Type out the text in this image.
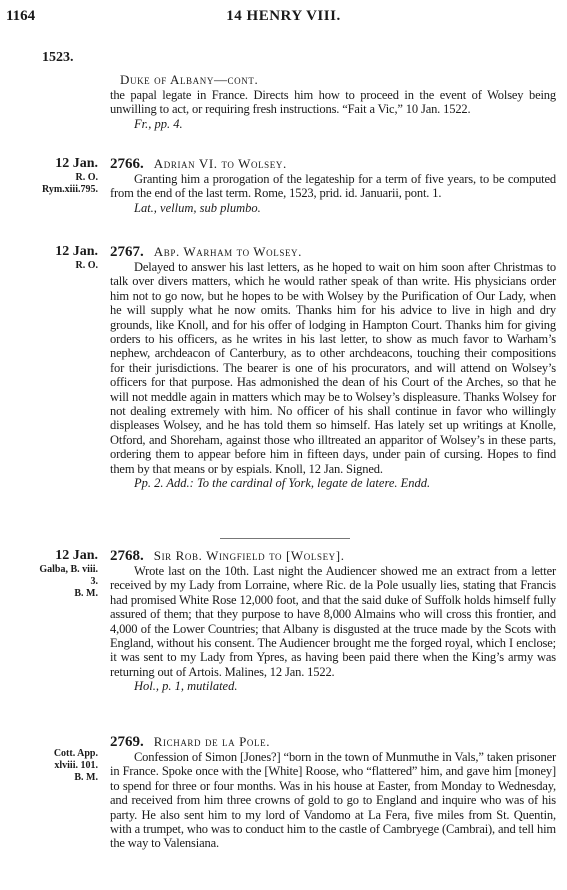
1164	14 HENRY VIII.
1523.

Duke of Albany—cont.

the papal legate in France. Directs him how to proceed in the event of Wolsey being unwilling to act, or requiring fresh instructions. “Fait a Vic,” 10 Jan. 1522.

Fr., pp. 4.

12 Jan.
R. O.
Rym.xiii.795.

2766. Adrian VI. to Wolsey.

Granting him a prorogation of the legateship for a term of five years, to be computed from the end of the last term. Rome, 1523, prid. id. Januarii, pont. 1.

Lat., vellum, sub plumbo.

12 Jan.
R. O.

2767. Abp. Warham to Wolsey.

Delayed to answer his last letters, as he hoped to wait on him soon after Christmas to talk over divers matters, which he would rather speak of than write. His physicians order him not to go now, but he hopes to be with Wolsey by the Purification of Our Lady, when he will supply what he now omits. Thanks him for his advice to live in high and dry grounds, like Knoll, and for his offer of lodging in Hampton Court. Thanks him for giving orders to his officers, as he writes in his last letter, to show as much favor to Warham’s nephew, archdeacon of Canterbury, as to other archdeacons, touching their compositions for their jurisdictions. The bearer is one of his procurators, and will attend on Wolsey’s officers for that purpose. Has admonished the dean of his Court of the Arches, so that he will not meddle again in matters which may be to Wolsey’s displeasure. Thanks Wolsey for not dealing extremely with him. No officer of his shall continue in favor who willingly displeases Wolsey, and he has told them so himself. Has lately set up writings at Knolle, Otford, and Shoreham, against those who illtreated an apparitor of Wolsey’s in these parts, ordering them to appear before him in fifteen days, under pain of cursing. Hopes to find them by that means or by espials. Knoll, 12 Jan. Signed.

Pp. 2. Add.: To the cardinal of York, legate de latere. Endd.

12 Jan.
Galba, B. viii.
3.
B. M.

2768. Sir Rob. Wingfield to [Wolsey].

Wrote last on the 10th. Last night the Audiencer showed me an extract from a letter received by my Lady from Lorraine, where Ric. de la Pole usually lies, stating that Francis had promised White Rose 12,000 foot, and that the said duke of Suffolk holds himself fully assured of them; that they purpose to have 8,000 Almains who will cross this frontier, and 4,000 of the Lower Countries; that Albany is disgusted at the truce made by the Scots with England, without his consent. The Audiencer brought me the forged royal, which I enclose; it was sent to my Lady from Ypres, as having been paid there when the King’s army was returning out of Artois. Malines, 12 Jan. 1522.

Hol., p. 1, mutilated.

Cott. App.
xlviii. 101.
B. M.

2769. Richard de la Pole.

Confession of Simon [Jones?] “born in the town of Munmuthe in Vals,” taken prisoner in France. Spoke once with the [White] Roose, who “flattered” him, and gave him [money] to spend for three or four months. Was in his house at Easter, from Monday to Wednesday, and received from him three crowns of gold to go to England and inquire who was of his party. He also sent him to my lord of Vandomo at La Fera, five miles from St. Quentin, with a trumpet, who was to conduct him to the castle of Cambryege (Cambrai), and tell him the way to Valensiana.
